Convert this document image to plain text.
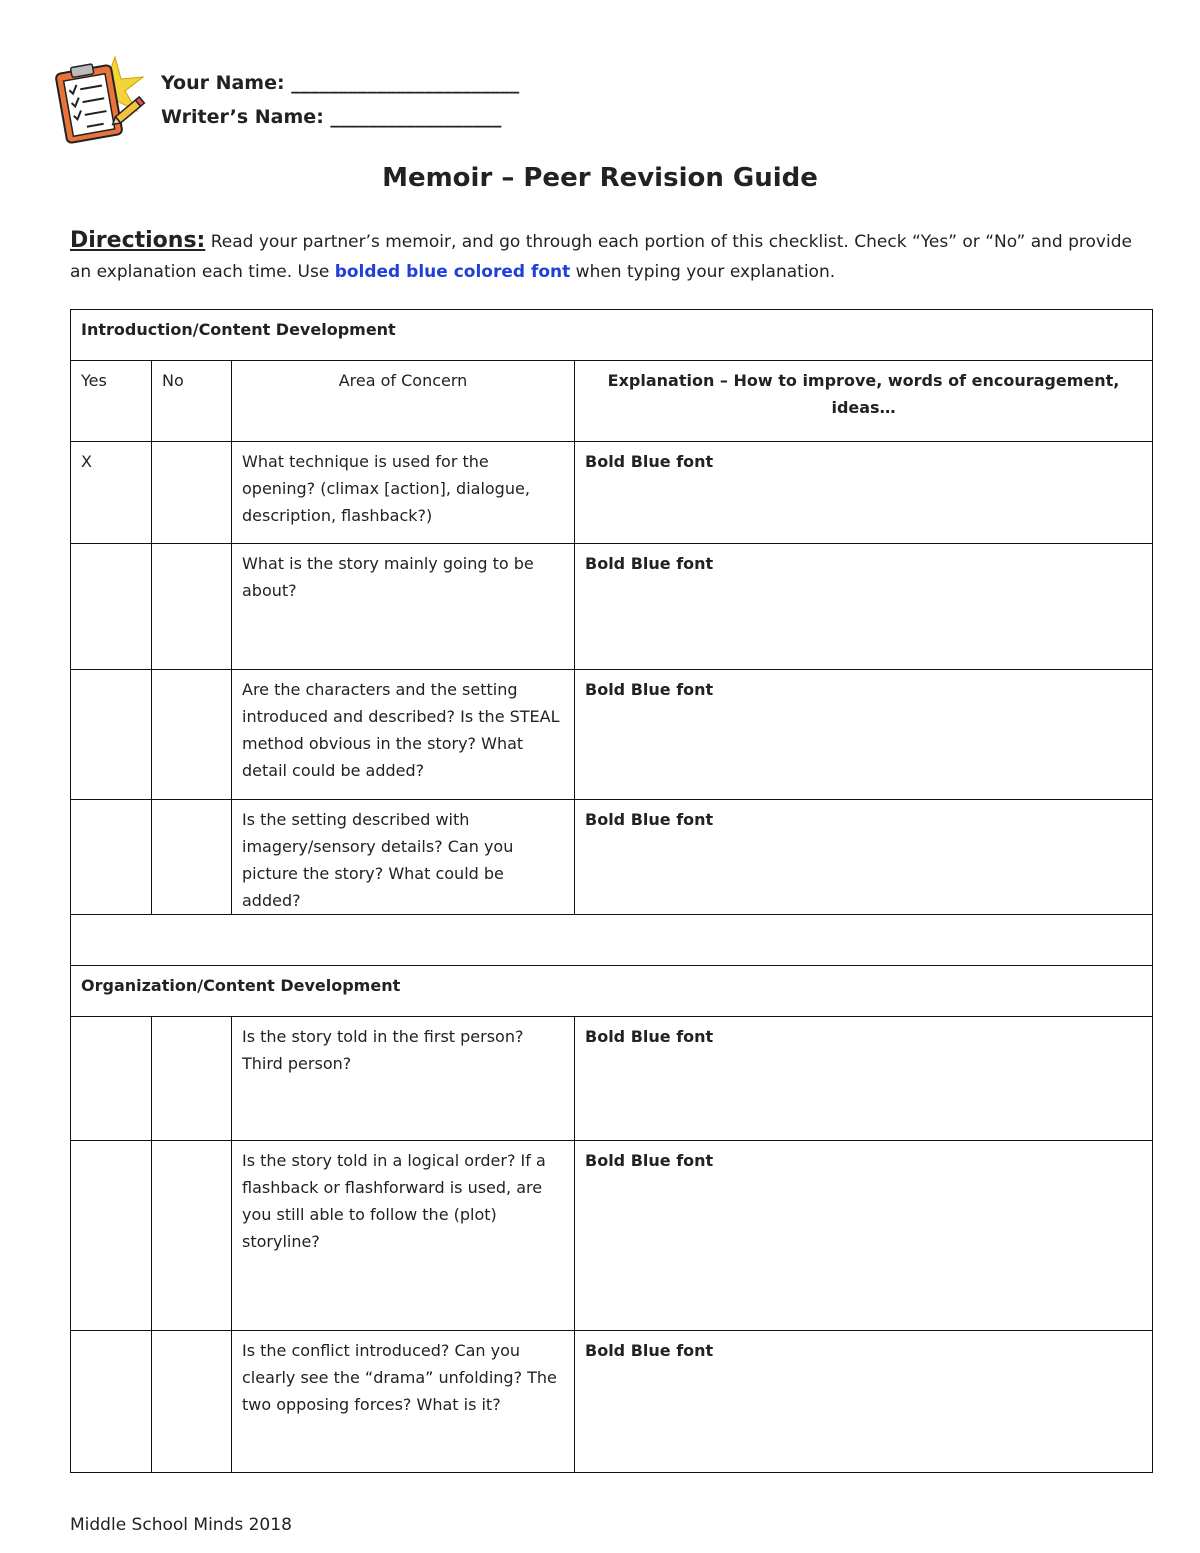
Your Name: ________________________
Writer’s Name: __________________
Memoir – Peer Revision Guide
Directions: Read your partner’s memoir, and go through each portion of this checklist. Check “Yes” or “No” and provide an explanation each time. Use bolded blue colored font when typing your explanation.
Introduction/Content Development			
Yes	No	Area of Concern	Explanation – How to improve, words of encouragement, ideas…
X		What technique is used for the opening? (climax [action], dialogue, description, flashback?)	Bold Blue font
		What is the story mainly going to be about?	Bold Blue font
		Are the characters and the setting introduced and described? Is the STEAL method obvious in the story? What detail could be added?	Bold Blue font
		Is the setting described with imagery/sensory details? Can you picture the story? What could be added?	Bold Blue font

Organization/Content Development			
		Is the story told in the first person? Third person?	Bold Blue font
		Is the story told in a logical order? If a flashback or flashforward is used, are you still able to follow the (plot) storyline?	Bold Blue font
		Is the conflict introduced? Can you clearly see the “drama” unfolding? The two opposing forces? What is it?	Bold Blue font
Middle School Minds 2018
